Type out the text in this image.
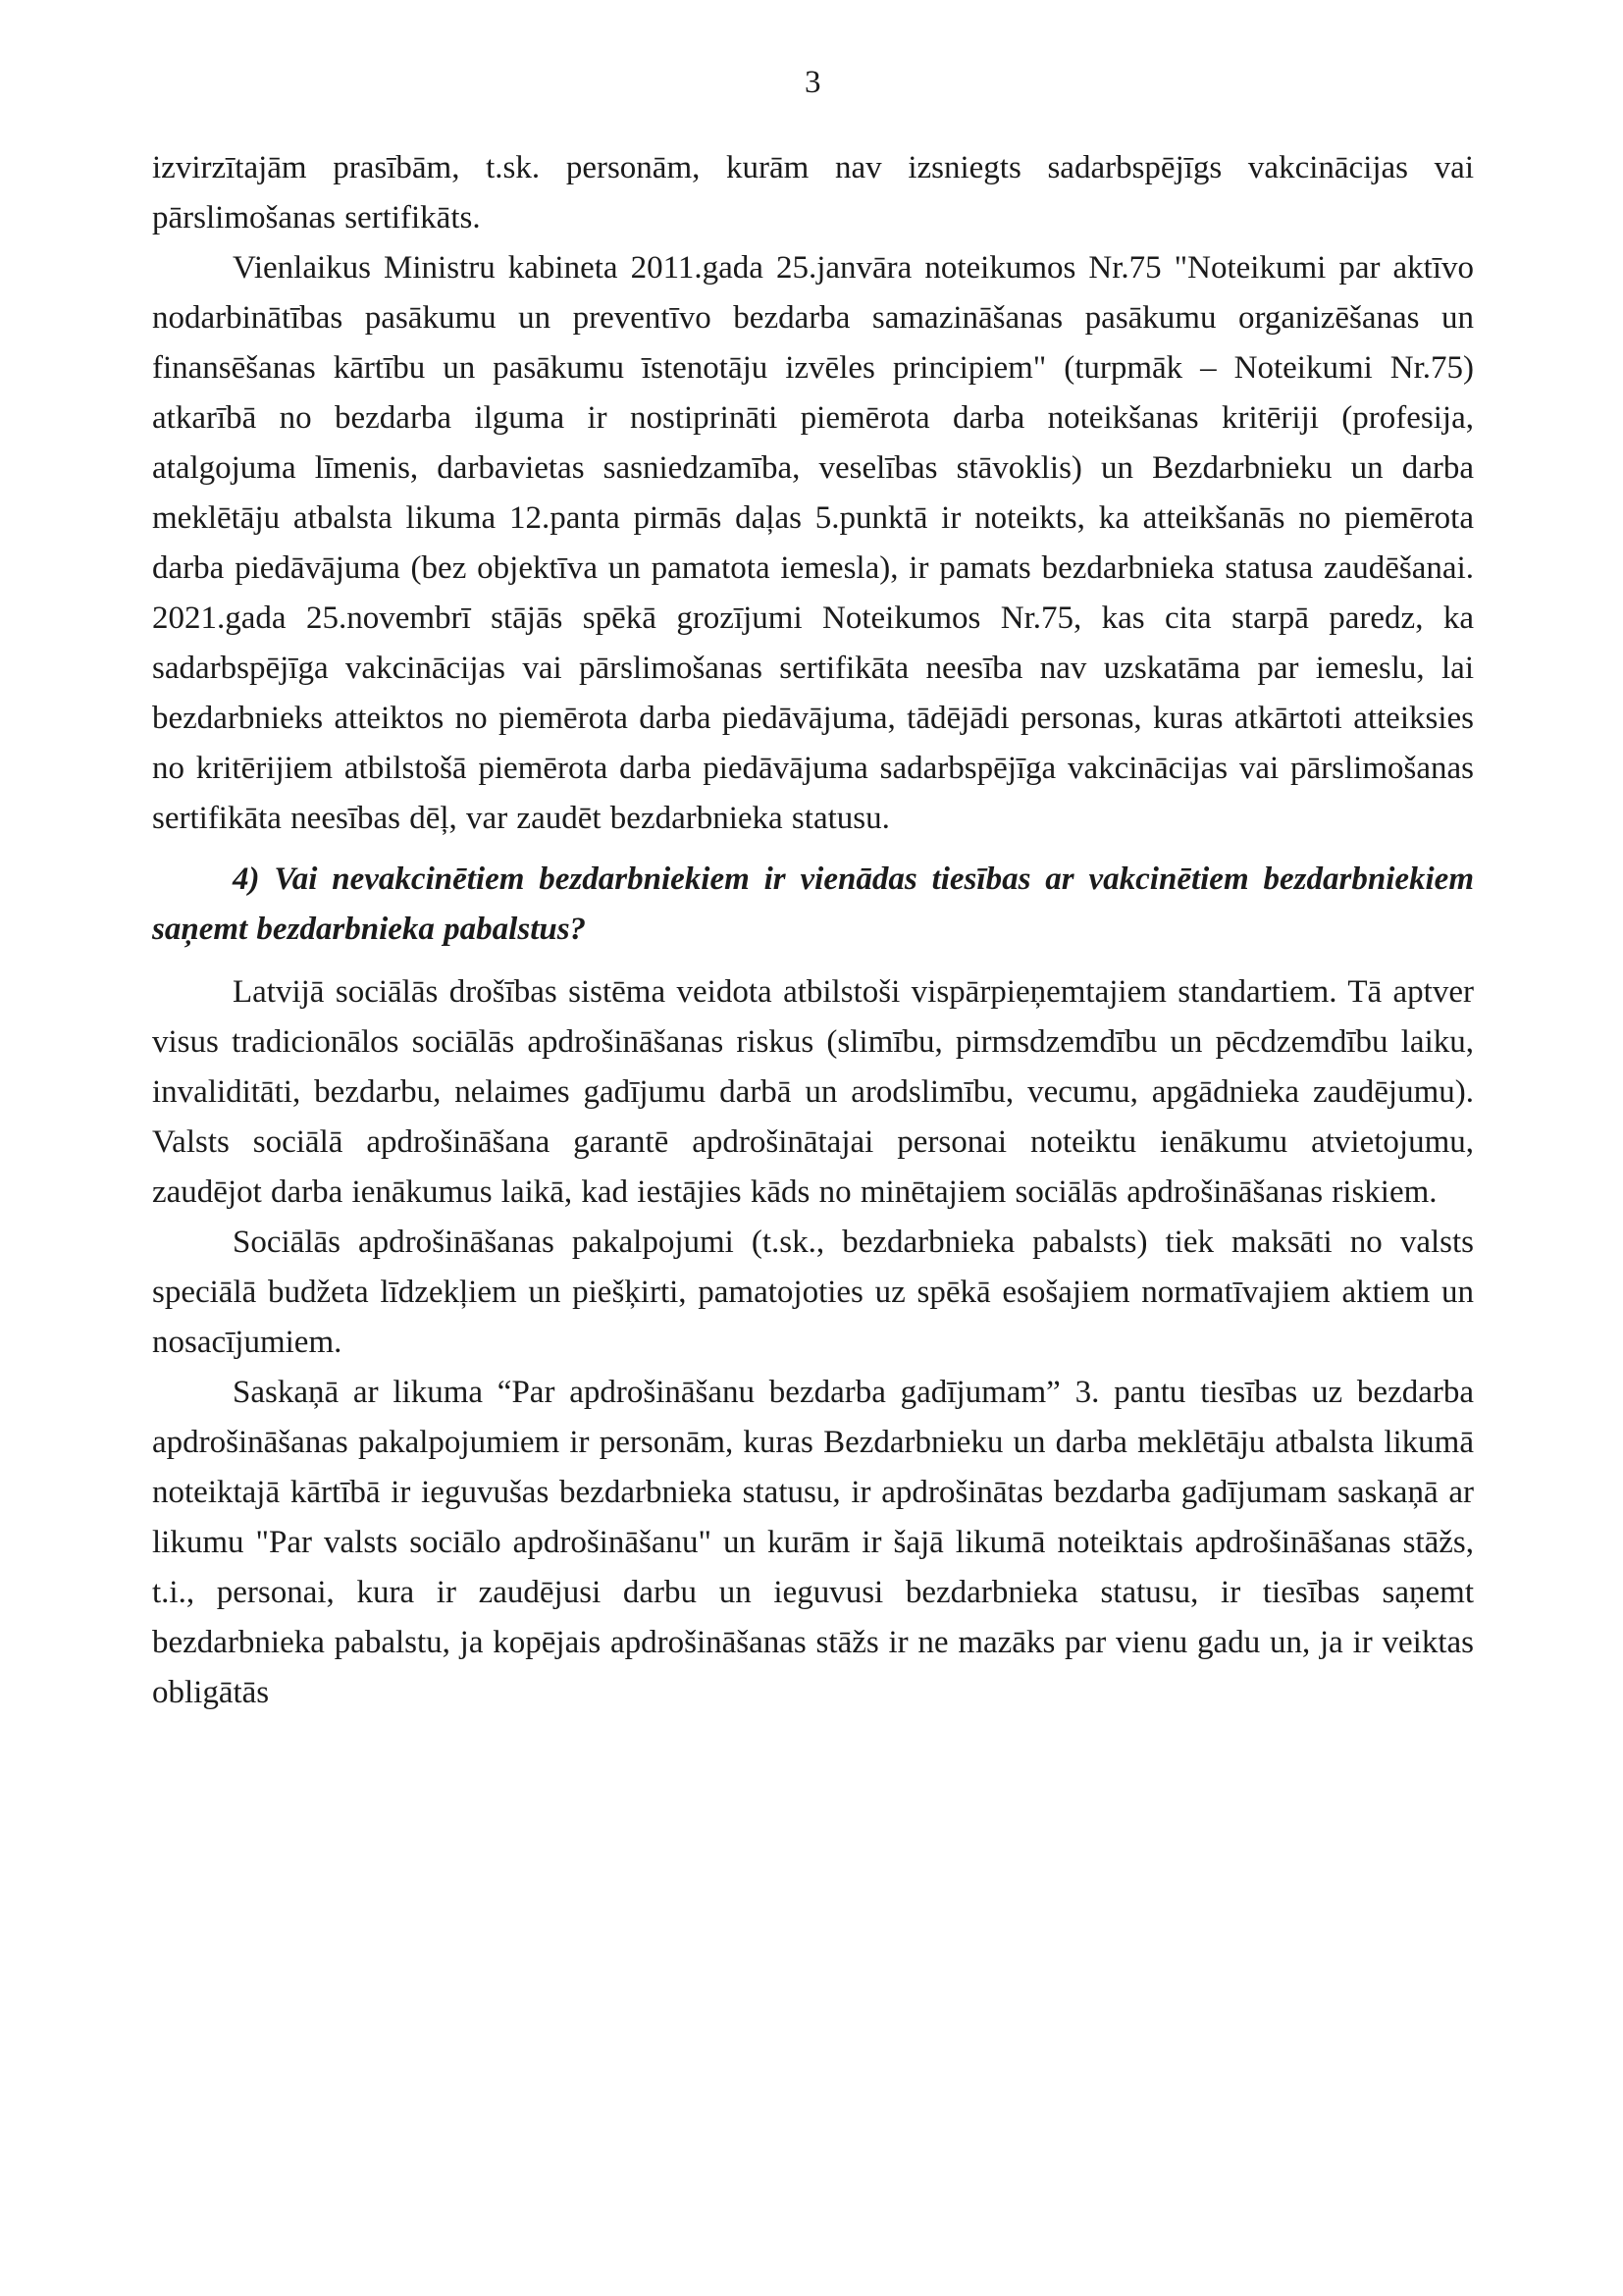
3

izvirzītajām prasībām, t.sk. personām, kurām nav izsniegts sadarbspējīgs vakcinācijas vai pārslimošanas sertifikāts.

Vienlaikus Ministru kabineta 2011.gada 25.janvāra noteikumos Nr.75 "Noteikumi par aktīvo nodarbinātības pasākumu un preventīvo bezdarba samazināšanas pasākumu organizēšanas un finansēšanas kārtību un pasākumu īstenotāju izvēles principiem" (turpmāk – Noteikumi Nr.75) atkarībā no bezdarba ilguma ir nostiprināti piemērota darba noteikšanas kritēriji (profesija, atalgojuma līmenis, darbavietas sasniedzamība, veselības stāvoklis) un Bezdarbnieku un darba meklētāju atbalsta likuma 12.panta pirmās daļas 5.punktā ir noteikts, ka atteikšanās no piemērota darba piedāvājuma (bez objektīva un pamatota iemesla), ir pamats bezdarbnieka statusa zaudēšanai. 2021.gada 25.novembrī stājās spēkā grozījumi Noteikumos Nr.75, kas cita starpā paredz, ka sadarbspējīga vakcinācijas vai pārslimošanas sertifikāta neesība nav uzskatāma par iemeslu, lai bezdarbnieks atteiktos no piemērota darba piedāvājuma, tādējādi personas, kuras atkārtoti atteiksies no kritērijiem atbilstošā piemērota darba piedāvājuma sadarbspējīga vakcinācijas vai pārslimošanas sertifikāta neesības dēļ, var zaudēt bezdarbnieka statusu.

4) Vai nevakcinētiem bezdarbniekiem ir vienādas tiesības ar vakcinētiem bezdarbniekiem saņemt bezdarbnieka pabalstus?

Latvijā sociālās drošības sistēma veidota atbilstoši vispārpieņemtajiem standartiem. Tā aptver visus tradicionālos sociālās apdrošināšanas riskus (slimību, pirmsdzemdību un pēcdzemdību laiku, invaliditāti, bezdarbu, nelaimes gadījumu darbā un arodslimību, vecumu, apgādnieka zaudējumu). Valsts sociālā apdrošināšana garantē apdrošinātajai personai noteiktu ienākumu atvietojumu, zaudējot darba ienākumus laikā, kad iestājies kāds no minētajiem sociālās apdrošināšanas riskiem.

Sociālās apdrošināšanas pakalpojumi (t.sk., bezdarbnieka pabalsts) tiek maksāti no valsts speciālā budžeta līdzekļiem un piešķirti, pamatojoties uz spēkā esošajiem normatīvajiem aktiem un nosacījumiem.

Saskaņā ar likuma “Par apdrošināšanu bezdarba gadījumam” 3. pantu tiesības uz bezdarba apdrošināšanas pakalpojumiem ir personām, kuras Bezdarbnieku un darba meklētāju atbalsta likumā noteiktajā kārtībā ir ieguvušas bezdarbnieka statusu, ir apdrošinātas bezdarba gadījumam saskaņā ar likumu "Par valsts sociālo apdrošināšanu" un kurām ir šajā likumā noteiktais apdrošināšanas stāžs, t.i., personai, kura ir zaudējusi darbu un ieguvusi bezdarbnieka statusu, ir tiesības saņemt bezdarbnieka pabalstu, ja kopējais apdrošināšanas stāžs ir ne mazāks par vienu gadu un, ja ir veiktas obligātās
